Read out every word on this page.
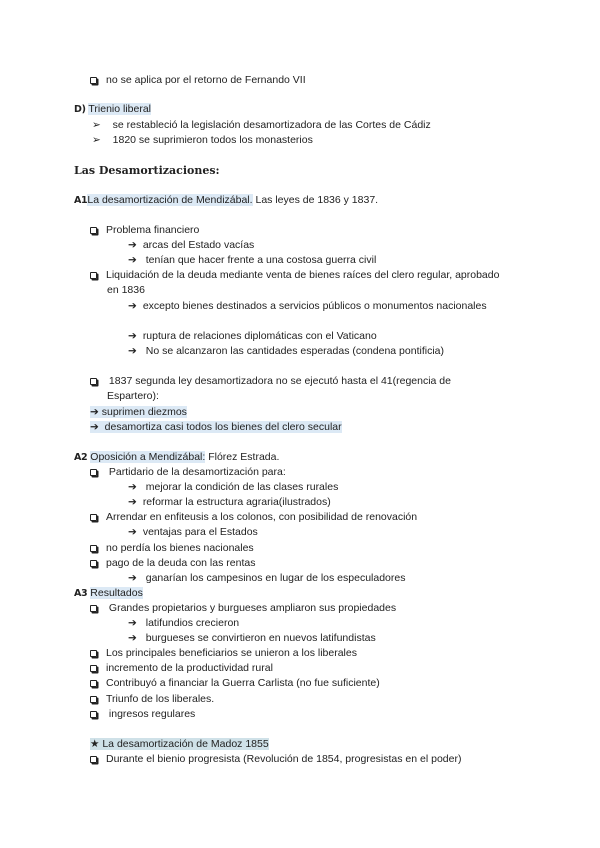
no se aplica por el retorno de Fernando VII
D) Trienio liberal
➢ se restableció la legislación desamortizadora de las Cortes de Cádiz
➢ 1820 se suprimieron todos los monasterios
Las Desamortizaciones:
A1La desamortización de Mendizábal. Las leyes de 1836 y 1837.
Problema financiero
➔ arcas del Estado vacías
➔ tenían que hacer frente a una costosa guerra civil
Liquidación de la deuda mediante venta de bienes raíces del clero regular, aprobado
en 1836
➔ excepto bienes destinados a servicios públicos o monumentos nacionales
➔ ruptura de relaciones diplomáticas con el Vaticano
➔ No se alcanzaron las cantidades esperadas (condena pontificia)
1837 segunda ley desamortizadora no se ejecutó hasta el 41(regencia de
Espartero):
➔ suprimen diezmos
➔ desamortiza casi todos los bienes del clero secular
A2 Oposición a Mendizábal: Flórez Estrada.
Partidario de la desamortización para:
➔ mejorar la condición de las clases rurales
➔ reformar la estructura agraria(ilustrados)
Arrendar en enfiteusis a los colonos, con posibilidad de renovación
➔ ventajas para el Estados
no perdía los bienes nacionales
pago de la deuda con las rentas
➔ ganarían los campesinos en lugar de los especuladores
A3 Resultados
Grandes propietarios y burgueses ampliaron sus propiedades
➔ latifundios crecieron
➔ burgueses se convirtieron en nuevos latifundistas
Los principales beneficiarios se unieron a los liberales
incremento de la productividad rural
Contribuyó a financiar la Guerra Carlista (no fue suficiente)
Triunfo de los liberales.
ingresos regulares
★ La desamortización de Madoz 1855
Durante el bienio progresista (Revolución de 1854, progresistas en el poder)
